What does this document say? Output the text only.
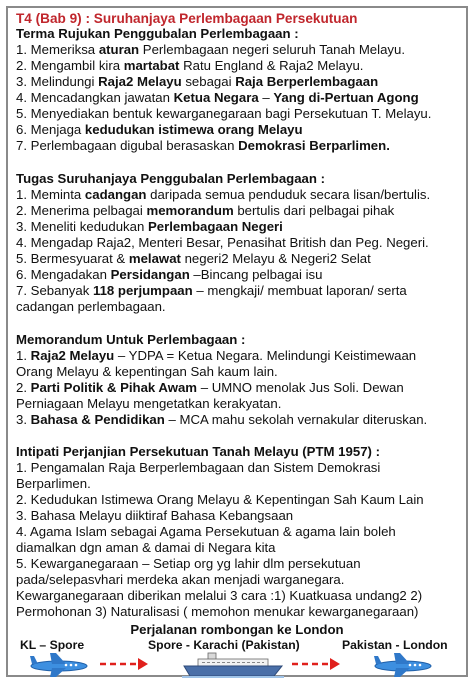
T4 (Bab 9) : Suruhanjaya Perlembagaan Persekutuan
Terma Rujukan Penggubalan Perlembagaan :
1. Memeriksa aturan Perlembagaan negeri seluruh Tanah Melayu.
2. Mengambil kira martabat Ratu England & Raja2 Melayu.
3. Melindungi Raja2 Melayu sebagai Raja Berperlembagaan
4. Mencadangkan jawatan Ketua Negara – Yang di-Pertuan Agong
5. Menyediakan bentuk kewarganegaraan bagi Persekutuan T. Melayu.
6. Menjaga kedudukan istimewa orang Melayu
7. Perlembagaan digubal berasaskan Demokrasi Berparlimen.
Tugas Suruhanjaya Penggubalan Perlembagaan :
1. Meminta cadangan daripada semua penduduk secara lisan/bertulis.
2. Menerima pelbagai memorandum bertulis dari pelbagai pihak
3. Meneliti kedudukan Perlembagaan Negeri
4. Mengadap Raja2, Menteri Besar, Penasihat British dan Peg. Negeri.
5. Bermesyuarat & melawat negeri2 Melayu & Negeri2 Selat
6. Mengadakan Persidangan –Bincang pelbagai isu
7. Sebanyak 118 perjumpaan – mengkaji/ membuat laporan/ serta
cadangan perlembagaan.
Memorandum Untuk Perlembagaan :
1. Raja2 Melayu – YDPA = Ketua Negara. Melindungi Keistimewaan
Orang Melayu & kepentingan Sah kaum lain.
2. Parti Politik & Pihak Awam – UMNO menolak Jus Soli. Dewan
Perniagaan Melayu mengetatkan kerakyatan.
3. Bahasa & Pendidikan – MCA mahu sekolah vernakular diteruskan.
Intipati Perjanjian Persekutuan Tanah Melayu (PTM 1957) :
1. Pengamalan Raja Berperlembagaan dan Sistem Demokrasi
Berparlimen.
2. Kedudukan Istimewa Orang Melayu & Kepentingan Sah Kaum Lain
3. Bahasa Melayu diiktiraf Bahasa Kebangsaan
4. Agama Islam sebagai Agama Persekutuan & agama lain boleh
diamalkan dgn aman & damai di Negara kita
5. Kewarganegaraan – Setiap org yg lahir dlm persekutuan
pada/selepasvhari merdeka akan menjadi warganegara.
Kewarganegaraan diberikan melalui 3 cara :1) Kuatkuasa undang2 2)
Permohonan 3) Naturalisasi ( memohon menukar kewarganegaraan)
Perjalanan rombongan ke London
KL – Spore	Spore - Karachi (Pakistan)	Pakistan - London
